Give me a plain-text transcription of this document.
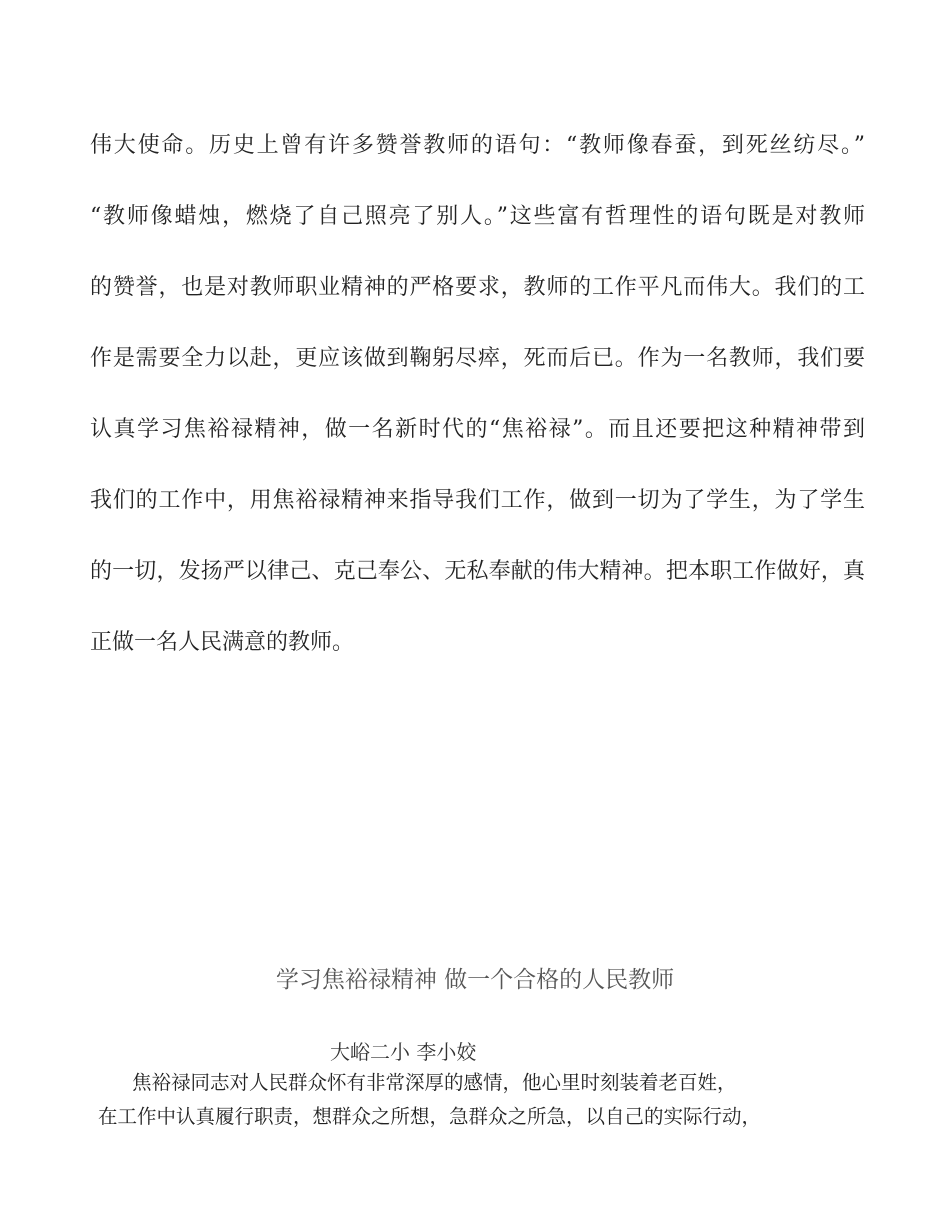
伟大使命。历史上曾有许多赞誉教师的语句：“教师像春蚕，到死丝纺尽。”
“教师像蜡烛，燃烧了自己照亮了别人。”这些富有哲理性的语句既是对教师
的赞誉，也是对教师职业精神的严格要求，教师的工作平凡而伟大。我们的工
作是需要全力以赴，更应该做到鞠躬尽瘁，死而后已。作为一名教师，我们要
认真学习焦裕禄精神，做一名新时代的“焦裕禄”。而且还要把这种精神带到
我们的工作中，用焦裕禄精神来指导我们工作，做到一切为了学生，为了学生
的一切，发扬严以律己、克己奉公、无私奉献的伟大精神。把本职工作做好，真
正做一名人民满意的教师。
学习焦裕禄精神 做一个合格的人民教师
大峪二小 李小姣
焦裕禄同志对人民群众怀有非常深厚的感情，他心里时刻装着老百姓，
在工作中认真履行职责，想群众之所想，急群众之所急，以自己的实际行动，
